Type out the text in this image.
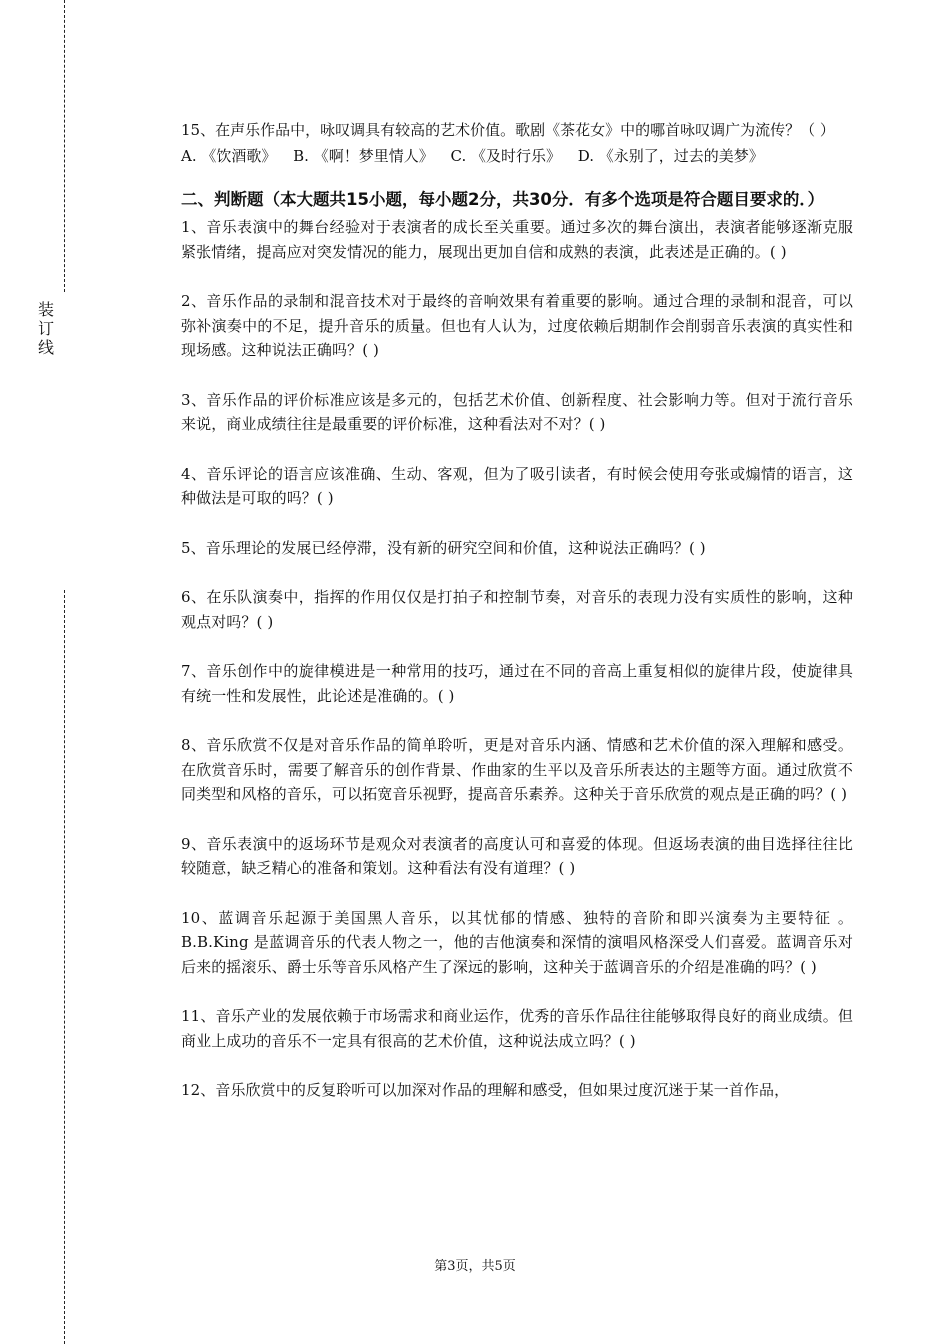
装
订
线

15、在声乐作品中，咏叹调具有较高的艺术价值。歌剧《茶花女》中的哪首咏叹调广为流传？（ ）

A. 《饮酒歌》 B. 《啊！梦里情人》 C. 《及时行乐》 D. 《永别了，过去的美梦》

二、判断题（本大题共15小题，每小题2分，共30分．有多个选项是符合题目要求的．）

1、音乐表演中的舞台经验对于表演者的成长至关重要。通过多次的舞台演出，表演者能够逐渐克服紧张情绪，提高应对突发情况的能力，展现出更加自信和成熟的表演，此表述是正确的。( )

2、音乐作品的录制和混音技术对于最终的音响效果有着重要的影响。通过合理的录制和混音，可以弥补演奏中的不足，提升音乐的质量。但也有人认为，过度依赖后期制作会削弱音乐表演的真实性和现场感。这种说法正确吗？( )

3、音乐作品的评价标准应该是多元的，包括艺术价值、创新程度、社会影响力等。但对于流行音乐来说，商业成绩往往是最重要的评价标准，这种看法对不对？( )

4、音乐评论的语言应该准确、生动、客观，但为了吸引读者，有时候会使用夸张或煽情的语言，这种做法是可取的吗？( )

5、音乐理论的发展已经停滞，没有新的研究空间和价值，这种说法正确吗？( )

6、在乐队演奏中，指挥的作用仅仅是打拍子和控制节奏，对音乐的表现力没有实质性的影响，这种观点对吗？( )

7、音乐创作中的旋律模进是一种常用的技巧，通过在不同的音高上重复相似的旋律片段，使旋律具有统一性和发展性，此论述是准确的。( )

8、音乐欣赏不仅是对音乐作品的简单聆听，更是对音乐内涵、情感和艺术价值的深入理解和感受。在欣赏音乐时，需要了解音乐的创作背景、作曲家的生平以及音乐所表达的主题等方面。通过欣赏不同类型和风格的音乐，可以拓宽音乐视野，提高音乐素养。这种关于音乐欣赏的观点是正确的吗？( )

9、音乐表演中的返场环节是观众对表演者的高度认可和喜爱的体现。但返场表演的曲目选择往往比较随意，缺乏精心的准备和策划。这种看法有没有道理？( )

10、蓝调音乐起源于美国黑人音乐，以其忧郁的情感、独特的音阶和即兴演奏为主要特征 。B.B.King 是蓝调音乐的代表人物之一，他的吉他演奏和深情的演唱风格深受人们喜爱。蓝调音乐对后来的摇滚乐、爵士乐等音乐风格产生了深远的影响，这种关于蓝调音乐的介绍是准确的吗？( )

11、音乐产业的发展依赖于市场需求和商业运作，优秀的音乐作品往往能够取得良好的商业成绩。但商业上成功的音乐不一定具有很高的艺术价值，这种说法成立吗？( )

12、音乐欣赏中的反复聆听可以加深对作品的理解和感受，但如果过度沉迷于某一首作品，

第3页，共5页
